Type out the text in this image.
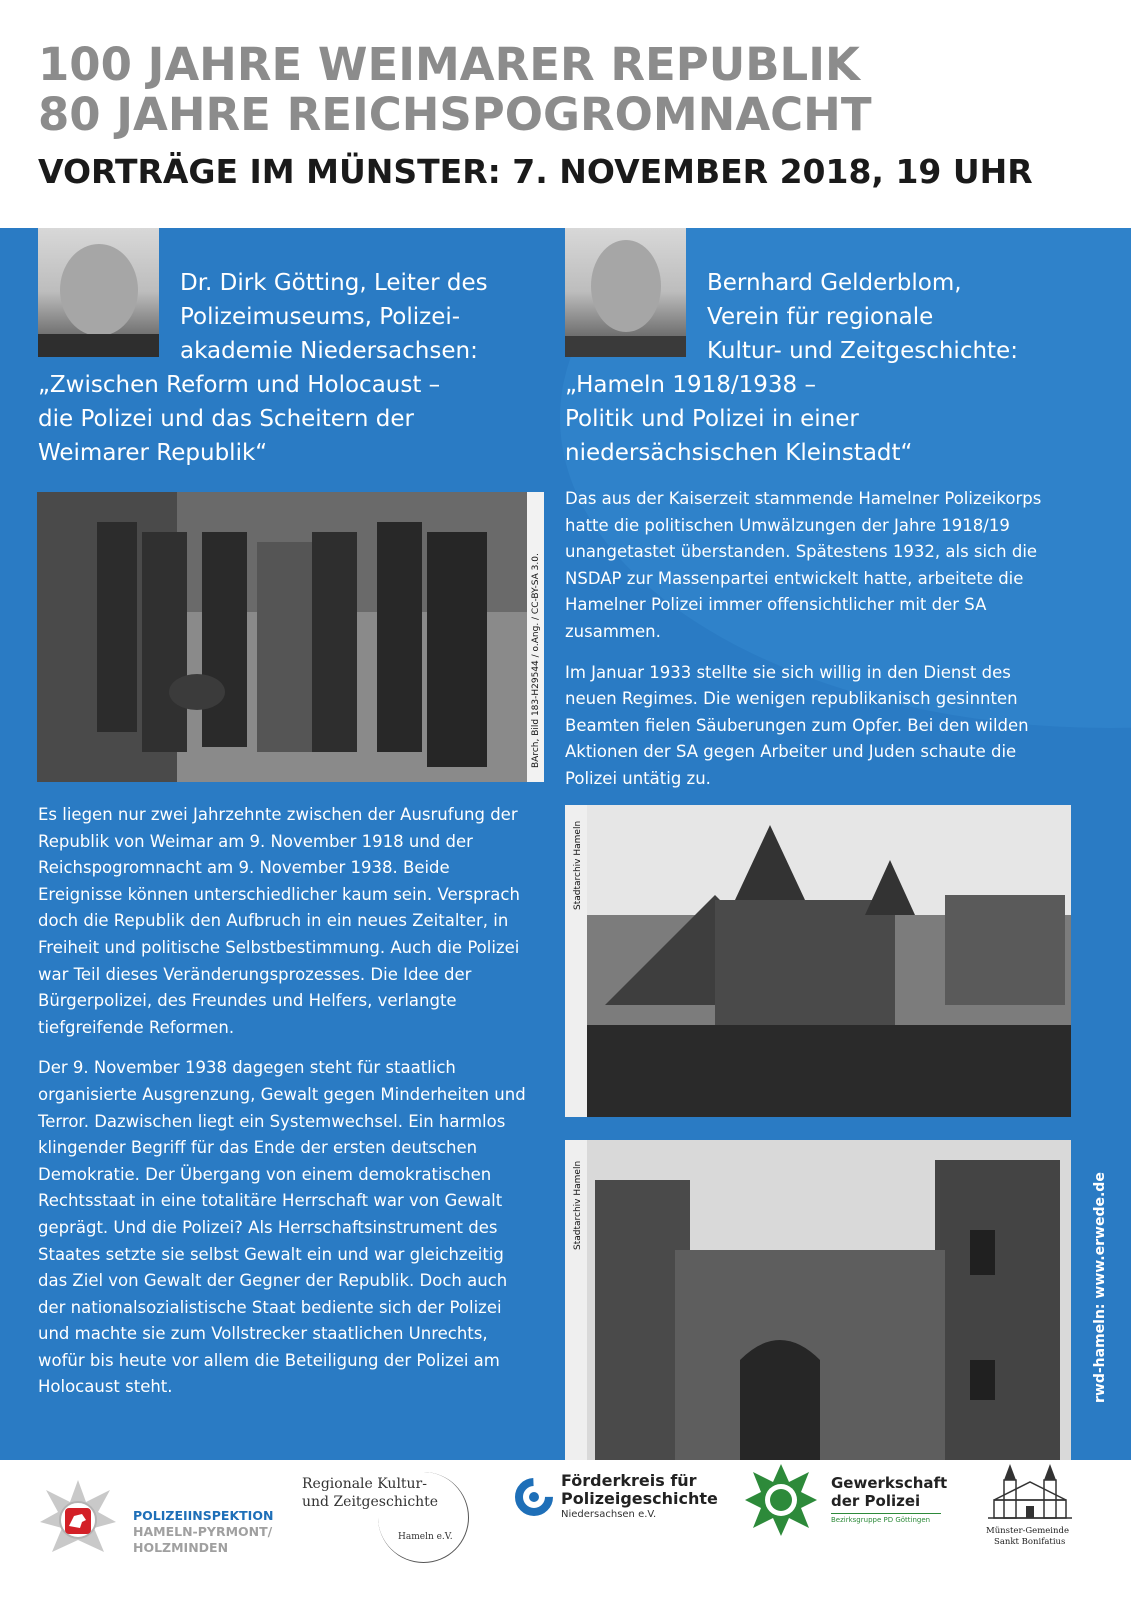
100 JAHRE WEIMARER REPUBLIK
80 JAHRE REICHSPOGROMNACHT
VORTRÄGE IM MÜNSTER: 7. NOVEMBER 2018, 19 UHR
Dr. Dirk Götting, Leiter des
Polizeimuseums, Polizei-
akademie Niedersachsen:
„Zwischen Reform und Holocaust –
die Polizei und das Scheitern der
Weimarer Republik“
Bernhard Gelderblom,
Verein für regionale
Kultur- und Zeitgeschichte:
„Hameln 1918/1938 –
Politik und Polizei in einer
niedersächsischen Kleinstadt“
BArch, Bild 183-H29544 / o.Ang. / CC-BY-SA 3.0.

Es liegen nur zwei Jahrzehnte zwischen der Ausrufung der Republik von Weimar am 9. November 1918 und der Reichspogromnacht am 9. November 1938. Beide Ereignisse können unterschiedlicher kaum sein. Versprach doch die Republik den Aufbruch in ein neues Zeitalter, in Freiheit und politische Selbstbestimmung. Auch die Polizei war Teil dieses Veränderungsprozesses. Die Idee der Bürgerpolizei, des Freundes und Helfers, verlangte tiefgreifende Reformen.

Der 9. November 1938 dagegen steht für staatlich organisierte Ausgrenzung, Gewalt gegen Minderheiten und Terror. Dazwischen liegt ein Systemwechsel. Ein harmlos klingender Begriff für das Ende der ersten deutschen Demokratie. Der Übergang von einem demokratischen Rechtsstaat in eine totalitäre Herrschaft war von Gewalt geprägt. Und die Polizei? Als Herrschaftsinstrument des Staates setzte sie selbst Gewalt ein und war gleichzeitig das Ziel von Gewalt der Gegner der Republik. Doch auch der nationalsozialistische Staat bediente sich der Polizei und machte sie zum Vollstrecker staatlichen Unrechts, wofür bis heute vor allem die Beteiligung der Polizei am Holocaust steht.

Das aus der Kaiserzeit stammende Hamelner Polizeikorps hatte die politischen Umwälzungen der Jahre 1918/19 unangetastet überstanden. Spätestens 1932, als sich die NSDAP zur Massenpartei entwickelt hatte, arbeitete die Hamelner Polizei immer offensichtlicher mit der SA zusammen.

Im Januar 1933 stellte sie sich willig in den Dienst des neuen Regimes. Die wenigen republikanisch gesinnten Beamten fielen Säuberungen zum Opfer. Bei den wilden Aktionen der SA gegen Arbeiter und Juden schaute die Polizei untätig zu.

Stadtarchiv Hameln
Stadtarchiv Hameln	rwd-hameln: www.erwede.de
POLIZEIINSPEKTION
HAMELN-PYRMONT/
HOLZMINDEN
Regionale Kultur-
und Zeitgeschichte
Hameln e.V.
Förderkreis für
Polizeigeschichte
Niedersachsen e.V.
Gewerkschaft
der Polizei
Bezirksgruppe PD Göttingen
Münster-Gemeinde
Sankt Bonifatius
